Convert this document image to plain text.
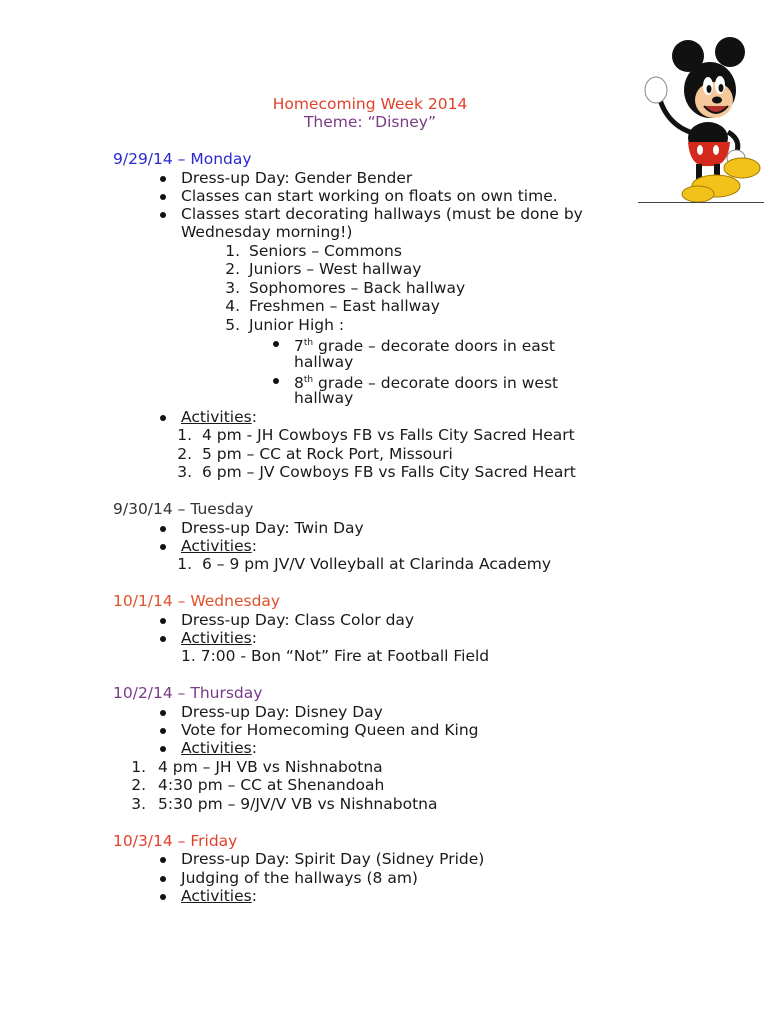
Homecoming Week 2014
Theme: “Disney”
9/29/14 – Monday
Dress-up Day: Gender Bender
Classes can start working on floats on own time.
Classes start decorating hallways (must be done by
Wednesday morning!)
1. Seniors – Commons
2. Juniors – West hallway
3. Sophomores – Back hallway
4. Freshmen – East hallway
5. Junior High :
7th grade – decorate doors in east
hallway
8th grade – decorate doors in west
hallway
Activities:
1. 4 pm - JH Cowboys FB vs Falls City Sacred Heart
2. 5 pm – CC at Rock Port, Missouri
3. 6 pm – JV Cowboys FB vs Falls City Sacred Heart
9/30/14 – Tuesday
Dress-up Day: Twin Day
Activities:
1. 6 – 9 pm JV/V Volleyball at Clarinda Academy
10/1/14 – Wednesday
Dress-up Day: Class Color day
Activities:
1. 7:00 - Bon “Not” Fire at Football Field
10/2/14 – Thursday
Dress-up Day: Disney Day
Vote for Homecoming Queen and King
Activities:
1. 4 pm – JH VB vs Nishnabotna
2. 4:30 pm – CC at Shenandoah
3. 5:30 pm – 9/JV/V VB vs Nishnabotna
10/3/14 – Friday
Dress-up Day: Spirit Day (Sidney Pride)
Judging of the hallways (8 am)
Activities:
